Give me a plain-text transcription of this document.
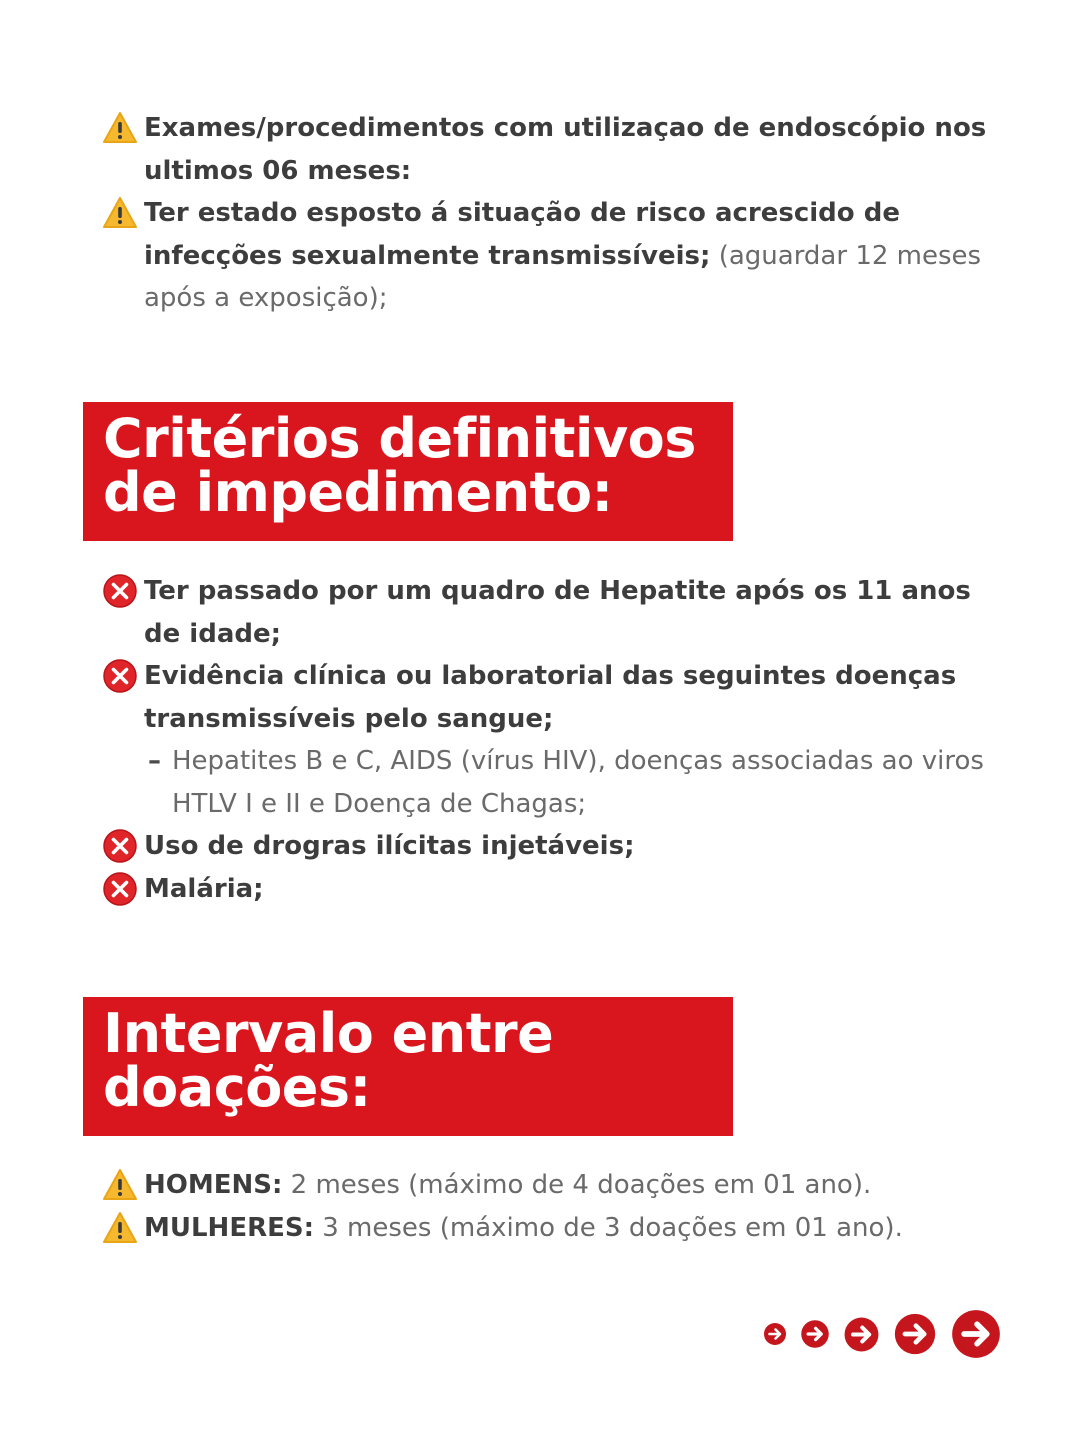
Exames/procedimentos com utilizaçao de endoscópio nos ultimos 06 meses:
Ter estado esposto á situação de risco acrescido de infecções sexualmente transmissíveis; (aguardar 12 meses após a exposição);
Critérios definitivos
de impedimento:
Ter passado por um quadro de Hepatite após os 11 anos de idade;
Evidência clínica ou laboratorial das seguintes doenças transmissíveis pelo sangue;
– Hepatites B e C, AIDS (vírus HIV), doenças associadas ao viros HTLV I e II e Doença de Chagas;
Uso de drogras ilícitas injetáveis;
Malária;
Intervalo entre
doações:
HOMENS: 2 meses (máximo de 4 doações em 01 ano).
MULHERES: 3 meses (máximo de 3 doações em 01 ano).
